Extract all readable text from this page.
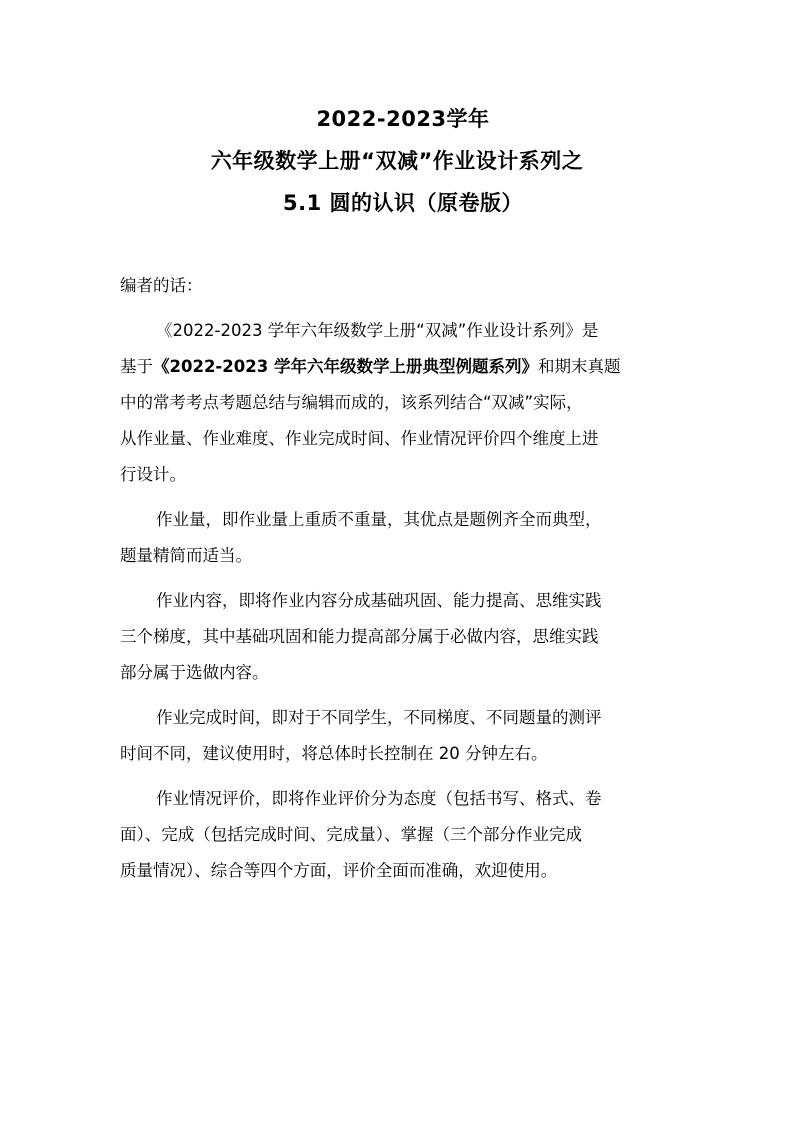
2022-2023学年
六年级数学上册“双减”作业设计系列之
5.1 圆的认识（原卷版）
编者的话：
《2022-2023 学年六年级数学上册“双减”作业设计系列》是
基于《2022-2023 学年六年级数学上册典型例题系列》和期末真题
中的常考考点考题总结与编辑而成的，该系列结合“双减”实际，
从作业量、作业难度、作业完成时间、作业情况评价四个维度上进
行设计。
作业量，即作业量上重质不重量，其优点是题例齐全而典型，
题量精简而适当。
作业内容，即将作业内容分成基础巩固、能力提高、思维实践
三个梯度，其中基础巩固和能力提高部分属于必做内容，思维实践
部分属于选做内容。
作业完成时间，即对于不同学生，不同梯度、不同题量的测评
时间不同，建议使用时，将总体时长控制在 20 分钟左右。
作业情况评价，即将作业评价分为态度（包括书写、格式、卷
面）、完成（包括完成时间、完成量）、掌握（三个部分作业完成
质量情况）、综合等四个方面，评价全面而准确，欢迎使用。
